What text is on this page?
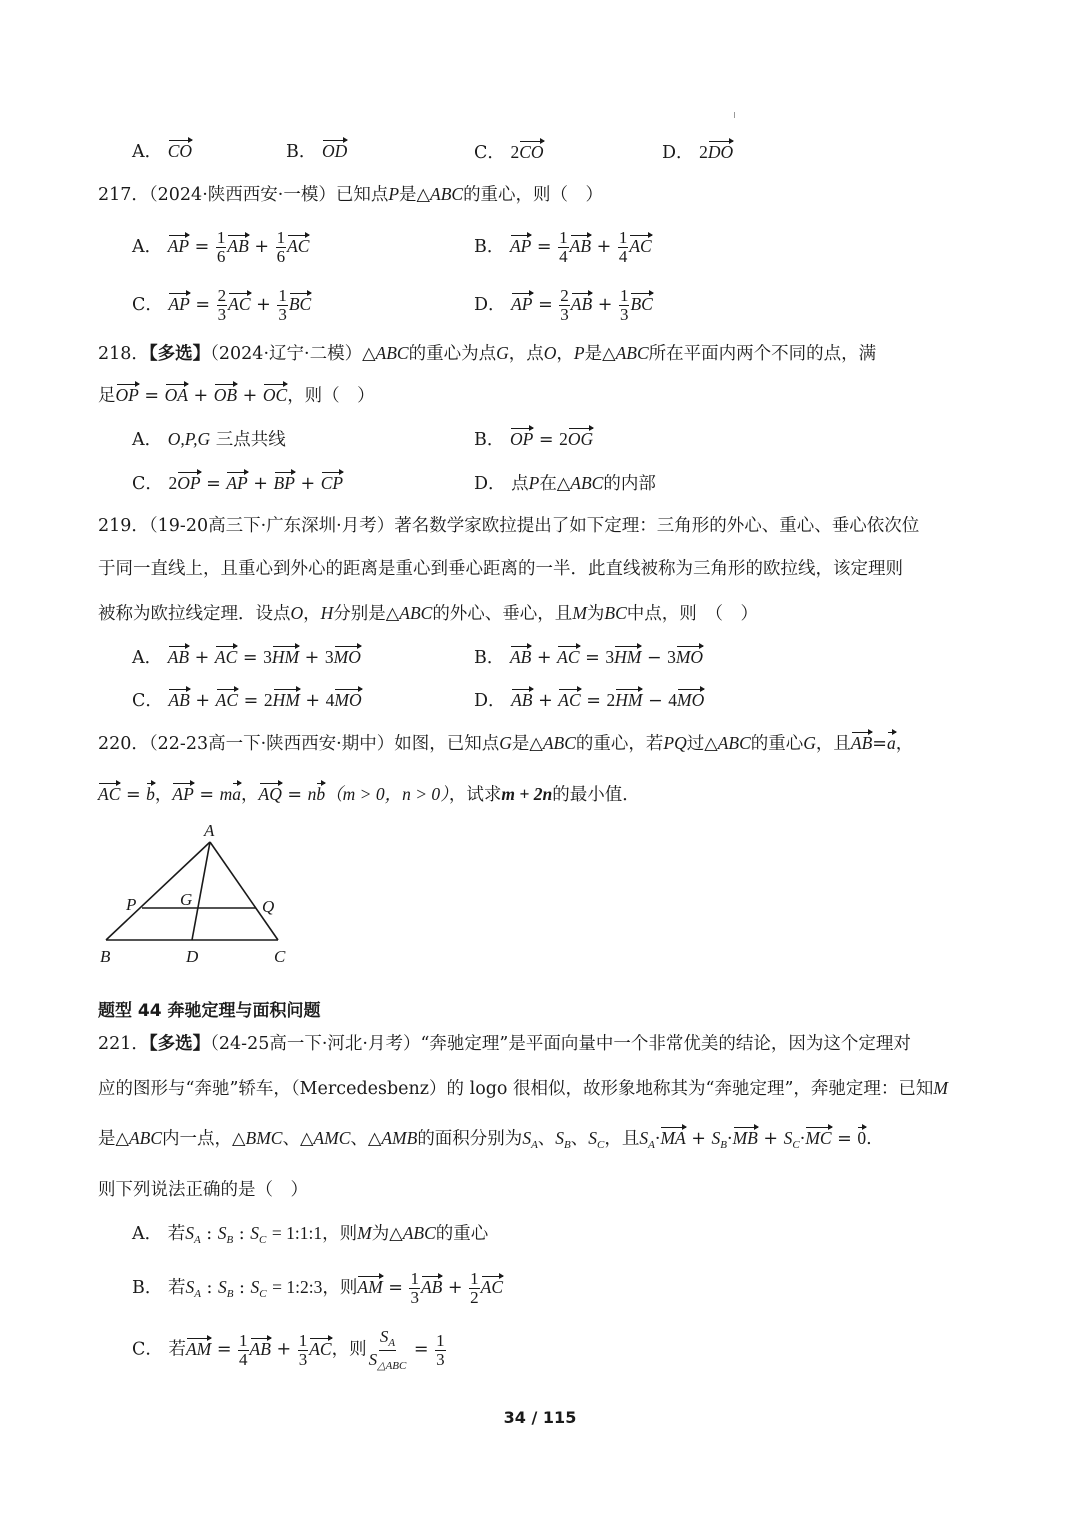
A． CO	B． OD	C． 2CO	D． 2DO
217．（2024·陕西西安·一模）已知点P是△ABC的重心，则（　）
A． AP = $\frac{1}{6}$ AB + $\frac{1}{6}$ AC	B． AP = $\frac{1}{4}$ AB + $\frac{1}{4}$ AC
C． AP = $\frac{2}{3}$ AC + $\frac{1}{3}$ BC	D． AP = $\frac{2}{3}$ AB + $\frac{1}{3}$ BC
218．【多选】（2024·辽宁·二模）△ABC的重心为点G，点O，P是△ABC所在平面内两个不同的点，满
足OP = OA + OB + OC，则（　）
A． O,P,G 三点共线	B． OP = 2OG
C． 2OP = AP + BP + CP	D． 点P在△ABC的内部
219．（19-20高三下·广东深圳·月考）著名数学家欧拉提出了如下定理：三角形的外心、重心、垂心依次位
于同一直线上，且重心到外心的距离是重心到垂心距离的一半．此直线被称为三角形的欧拉线，该定理则
被称为欧拉线定理．设点O，H分别是△ABC的外心、垂心，且M为BC中点，则　（　）
A． AB + AC = 3HM + 3MO	B． AB + AC = 3HM − 3MO
C． AB + AC = 2HM + 4MO	D． AB + AC = 2HM − 4MO
220．（22-23高一下·陕西西安·期中）如图，已知点G是△ABC的重心，若PQ过△ABC的重心G，且AB=a，
AC = b，AP = ma，AQ = nb（m > 0，n > 0），试求m + 2n的最小值．
A
P	G	Q
B	D	C
题型 44 奔驰定理与面积问题
221．【多选】（24-25高一下·河北·月考）“奔驰定理”是平面向量中一个非常优美的结论，因为这个定理对
应的图形与“奔驰”轿车，（Mercedesbenz）的 logo 很相似，故形象地称其为“奔驰定理”，奔驰定理：已知M
是△ABC内一点，△BMC、△AMC、△AMB的面积分别为$S_A$、$S_B$、$S_C$，且$S_A\cdot MA + S_B\cdot MB + S_C\cdot MC = 0$.
则下列说法正确的是（　）
A． 若$S_A$ : $S_B$ : $S_C$ = 1:1:1，则M为△ABC的重心
B． 若$S_A$ : $S_B$ : $S_C$ = 1:2:3，则AM = $\frac{1}{3}$ AB + $\frac{1}{2}$ AC
C． 若AM = $\frac{1}{4}$ AB + $\frac{1}{3}$ AC，则
$S_A$
$S_{\triangle ABC}$
= $\frac{1}{3}$
34 / 115
